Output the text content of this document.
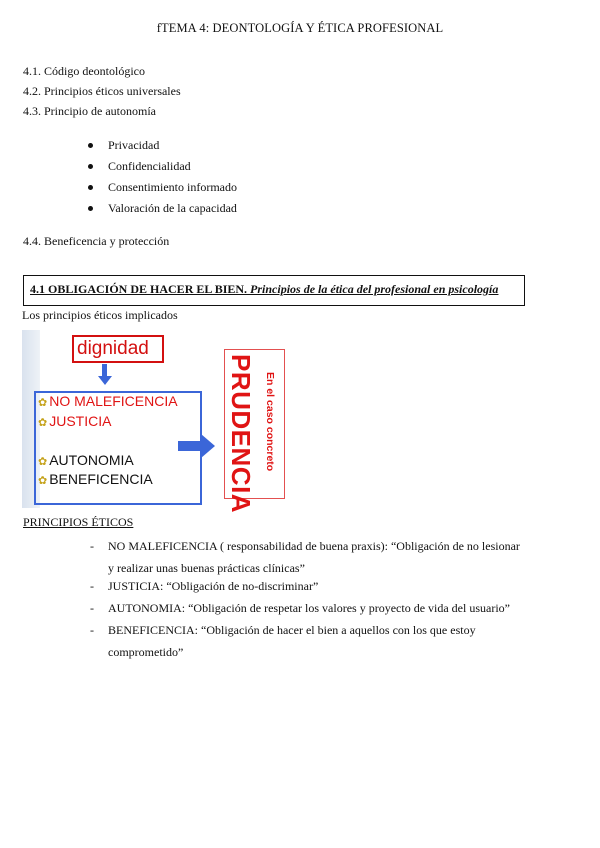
fTEMA 4: DEONTOLOGÍA Y ÉTICA PROFESIONAL
4.1. Código deontológico
4.2. Principios éticos universales
4.3. Principio de autonomía
Privacidad
Confidencialidad
Consentimiento informado
Valoración de la capacidad
4.4. Beneficencia y protección
4.1 OBLIGACIÓN DE HACER EL BIEN. Principios de la ética del profesional en psicología
Los principios éticos implicados
dignidad
✿ NO MALEFICENCIA
✿ JUSTICIA
✿ AUTONOMIA
✿ BENEFICENCIA	PRUDENCIA En el caso concreto
PRINCIPIOS ÉTICOS
- NO MALEFICENCIA ( responsabilidad de buena praxis): “Obligación de no lesionar
y realizar unas buenas prácticas clínicas”
- JUSTICIA: “Obligación de no-discriminar”
- AUTONOMIA: “Obligación de respetar los valores y proyecto de vida del usuario”
- BENEFICENCIA: “Obligación de hacer el bien a aquellos con los que estoy
comprometido”
